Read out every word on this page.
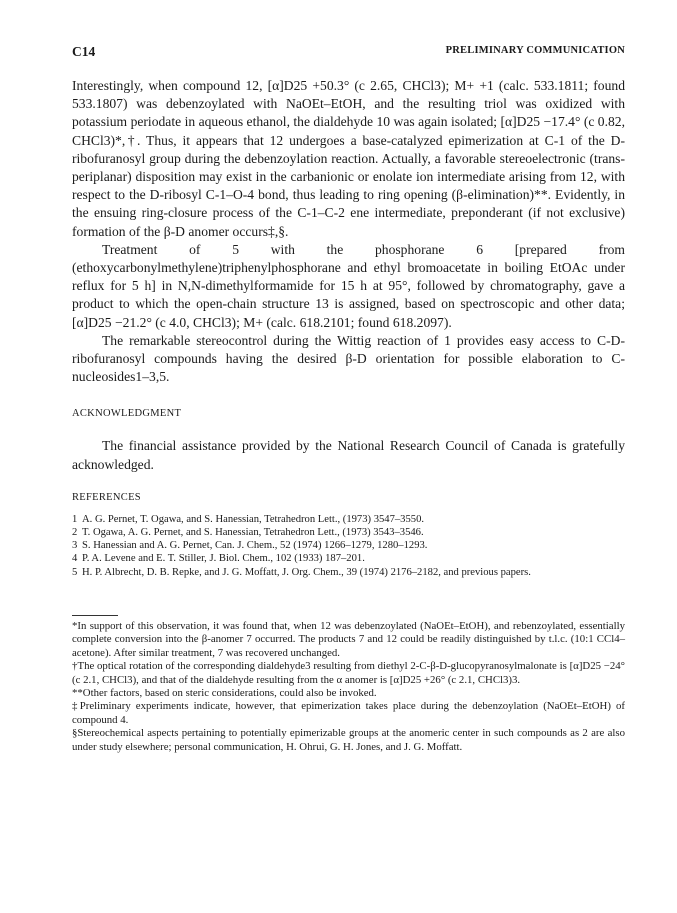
C14	PRELIMINARY COMMUNICATION

Interestingly, when compound 12, [α]D25 +50.3° (c 2.65, CHCl3); M+ +1 (calc. 533.1811; found 533.1807) was debenzoylated with NaOEt–EtOH, and the resulting triol was oxidized with potassium periodate in aqueous ethanol, the dialdehyde 10 was again isolated; [α]D25 −17.4° (c 0.82, CHCl3)*,†. Thus, it appears that 12 undergoes a base-catalyzed epimerization at C-1 of the D-ribofuranosyl group during the debenzoylation reaction. Actually, a favorable stereoelectronic (trans-periplanar) disposition may exist in the carbanionic or enolate ion intermediate arising from 12, with respect to the D-ribosyl C-1–O-4 bond, thus leading to ring opening (β-elimination)**. Evidently, in the ensuing ring-closure process of the C-1–C-2 ene intermediate, preponderant (if not exclusive) formation of the β-D anomer occurs‡,§.

Treatment of 5 with the phosphorane 6 [prepared from (ethoxycarbonylmethylene)triphenylphosphorane and ethyl bromoacetate in boiling EtOAc under reflux for 5 h] in N,N-dimethylformamide for 15 h at 95°, followed by chromatography, gave a product to which the open-chain structure 13 is assigned, based on spectroscopic and other data; [α]D25 −21.2° (c 4.0, CHCl3); M+ (calc. 618.2101; found 618.2097).

The remarkable stereocontrol during the Wittig reaction of 1 provides easy access to C-D-ribofuranosyl compounds having the desired β-D orientation for possible elaboration to C-nucleosides1–3,5.

ACKNOWLEDGMENT

The financial assistance provided by the National Research Council of Canada is gratefully acknowledged.

REFERENCES

1 A. G. Pernet, T. Ogawa, and S. Hanessian, Tetrahedron Lett., (1973) 3547–3550.
2 T. Ogawa, A. G. Pernet, and S. Hanessian, Tetrahedron Lett., (1973) 3543–3546.
3 S. Hanessian and A. G. Pernet, Can. J. Chem., 52 (1974) 1266–1279, 1280–1293.
4 P. A. Levene and E. T. Stiller, J. Biol. Chem., 102 (1933) 187–201.
5 H. P. Albrecht, D. B. Repke, and J. G. Moffatt, J. Org. Chem., 39 (1974) 2176–2182, and previous papers.

*In support of this observation, it was found that, when 12 was debenzoylated (NaOEt–EtOH), and rebenzoylated, essentially complete conversion into the β-anomer 7 occurred. The products 7 and 12 could be readily distinguished by t.l.c. (10:1 CCl4–acetone). After similar treatment, 7 was recovered unchanged.

†The optical rotation of the corresponding dialdehyde3 resulting from diethyl 2-C-β-D-glucopyranosylmalonate is [α]D25 −24° (c 2.1, CHCl3), and that of the dialdehyde resulting from the α anomer is [α]D25 +26° (c 2.1, CHCl3)3.

**Other factors, based on steric considerations, could also be invoked.

‡Preliminary experiments indicate, however, that epimerization takes place during the debenzoylation (NaOEt–EtOH) of compound 4.

§Stereochemical aspects pertaining to potentially epimerizable groups at the anomeric center in such compounds as 2 are also under study elsewhere; personal communication, H. Ohrui, G. H. Jones, and J. G. Moffatt.
